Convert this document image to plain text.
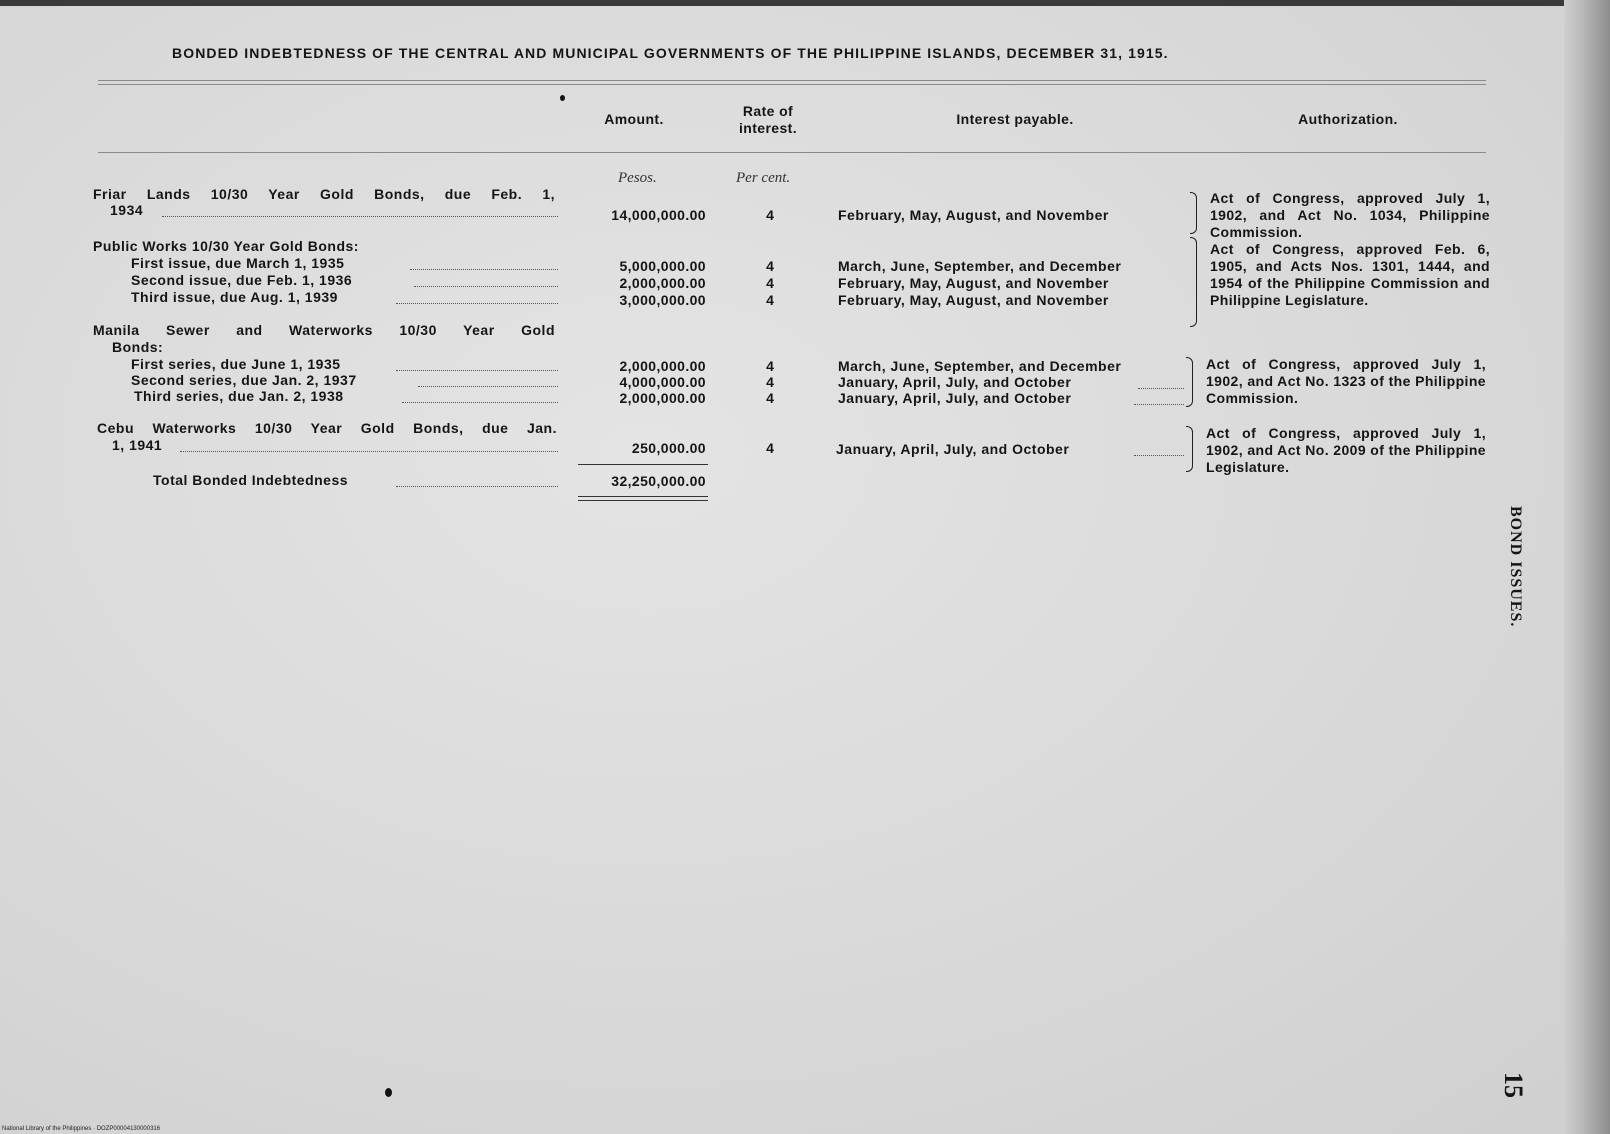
BONDED INDEBTEDNESS OF THE CENTRAL AND MUNICIPAL GOVERNMENTS OF THE PHILIPPINE ISLANDS, DECEMBER 31, 1915.
Amount.	Rate of
interest.
Interest payable.	Authorization.
Pesos.	Per cent.
Friar Lands 10/30 Year Gold Bonds, due Feb. 1,
1934	14,000,000.00	4	February, May, August, and November
Act of Congress, approved July 1, 1902, and Act No. 1034, Philippine Commission.
Public Works 10/30 Year Gold Bonds:
First issue, due March 1, 1935	5,000,000.00	4	March, June, September, and December
Second issue, due Feb. 1, 1936	2,000,000.00	4	February, May, August, and November
Third issue, due Aug. 1, 1939	3,000,000.00	4	February, May, August, and November
Act of Congress, approved Feb. 6, 1905, and Acts Nos. 1301, 1444, and 1954 of the Philippine Commission and Philippine Legislature.
Manila Sewer and Waterworks 10/30 Year Gold
Bonds:
First series, due June 1, 1935	2,000,000.00	4	March, June, September, and December
Second series, due Jan. 2, 1937	4,000,000.00	4	January, April, July, and October
Third series, due Jan. 2, 1938	2,000,000.00	4	January, April, July, and October
Act of Congress, approved July 1, 1902, and Act No. 1323 of the Philippine Commission.
Cebu Waterworks 10/30 Year Gold Bonds, due Jan.
1, 1941	250,000.00	4	January, April, July, and October
Act of Congress, approved July 1, 1902, and Act No. 2009 of the Philippine Legislature.
Total Bonded Indebtedness	32,250,000.00
BOND ISSUES.
15
National Library of the Philippines · DOZP00004130000316
